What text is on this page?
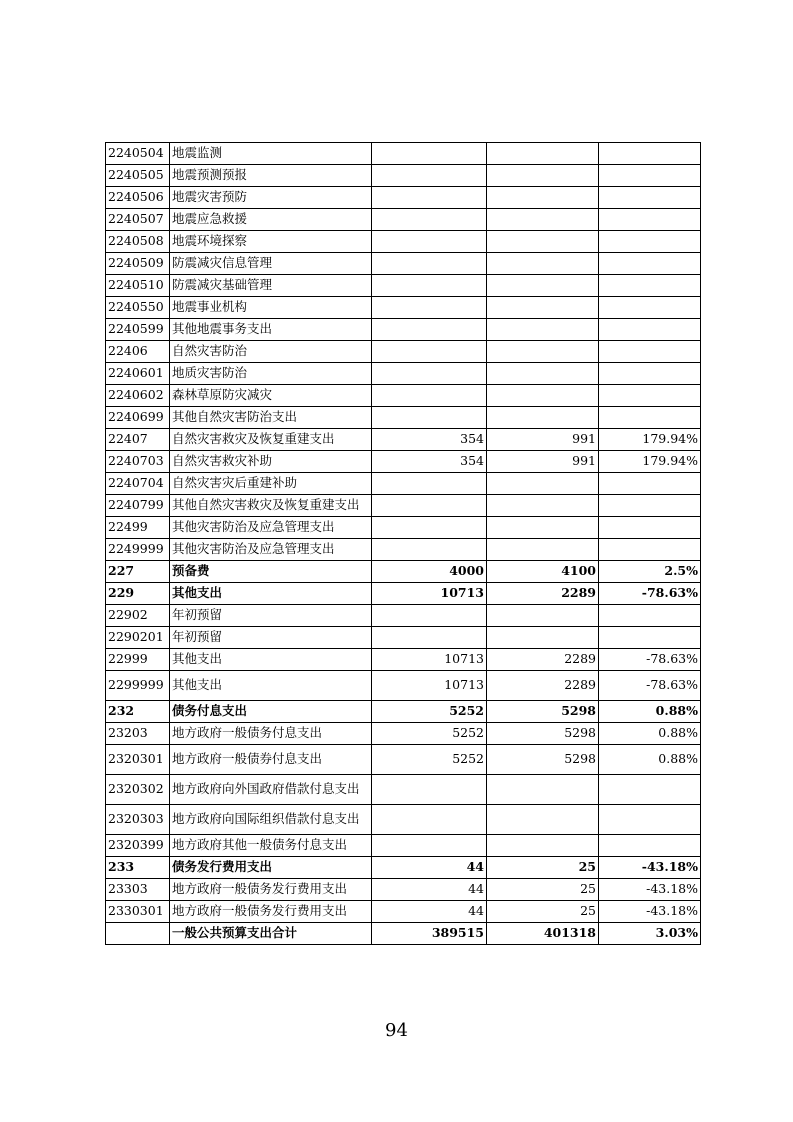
2240504	地震监测			
2240505	地震预测预报			
2240506	地震灾害预防			
2240507	地震应急救援			
2240508	地震环境探察			
2240509	防震减灾信息管理			
2240510	防震减灾基础管理			
2240550	地震事业机构			
2240599	其他地震事务支出			
22406	自然灾害防治			
2240601	地质灾害防治			
2240602	森林草原防灾减灾			
2240699	其他自然灾害防治支出			
22407	自然灾害救灾及恢复重建支出	354	991	179.94%
2240703	自然灾害救灾补助	354	991	179.94%
2240704	自然灾害灾后重建补助			
2240799	其他自然灾害救灾及恢复重建支出			
22499	其他灾害防治及应急管理支出			
2249999	其他灾害防治及应急管理支出			
227	预备费	4000	4100	2.5%
229	其他支出	10713	2289	-78.63%
22902	年初预留			
2290201	年初预留			
22999	其他支出	10713	2289	-78.63%
2299999	其他支出	10713	2289	-78.63%
232	债务付息支出	5252	5298	0.88%
23203	地方政府一般债务付息支出	5252	5298	0.88%
2320301	地方政府一般债券付息支出	5252	5298	0.88%
2320302	地方政府向外国政府借款付息支出			
2320303	地方政府向国际组织借款付息支出			
2320399	地方政府其他一般债务付息支出			
233	债务发行费用支出	44	25	-43.18%
23303	地方政府一般债务发行费用支出	44	25	-43.18%
2330301	地方政府一般债务发行费用支出	44	25	-43.18%
	一般公共预算支出合计	389515	401318	3.03%
94
